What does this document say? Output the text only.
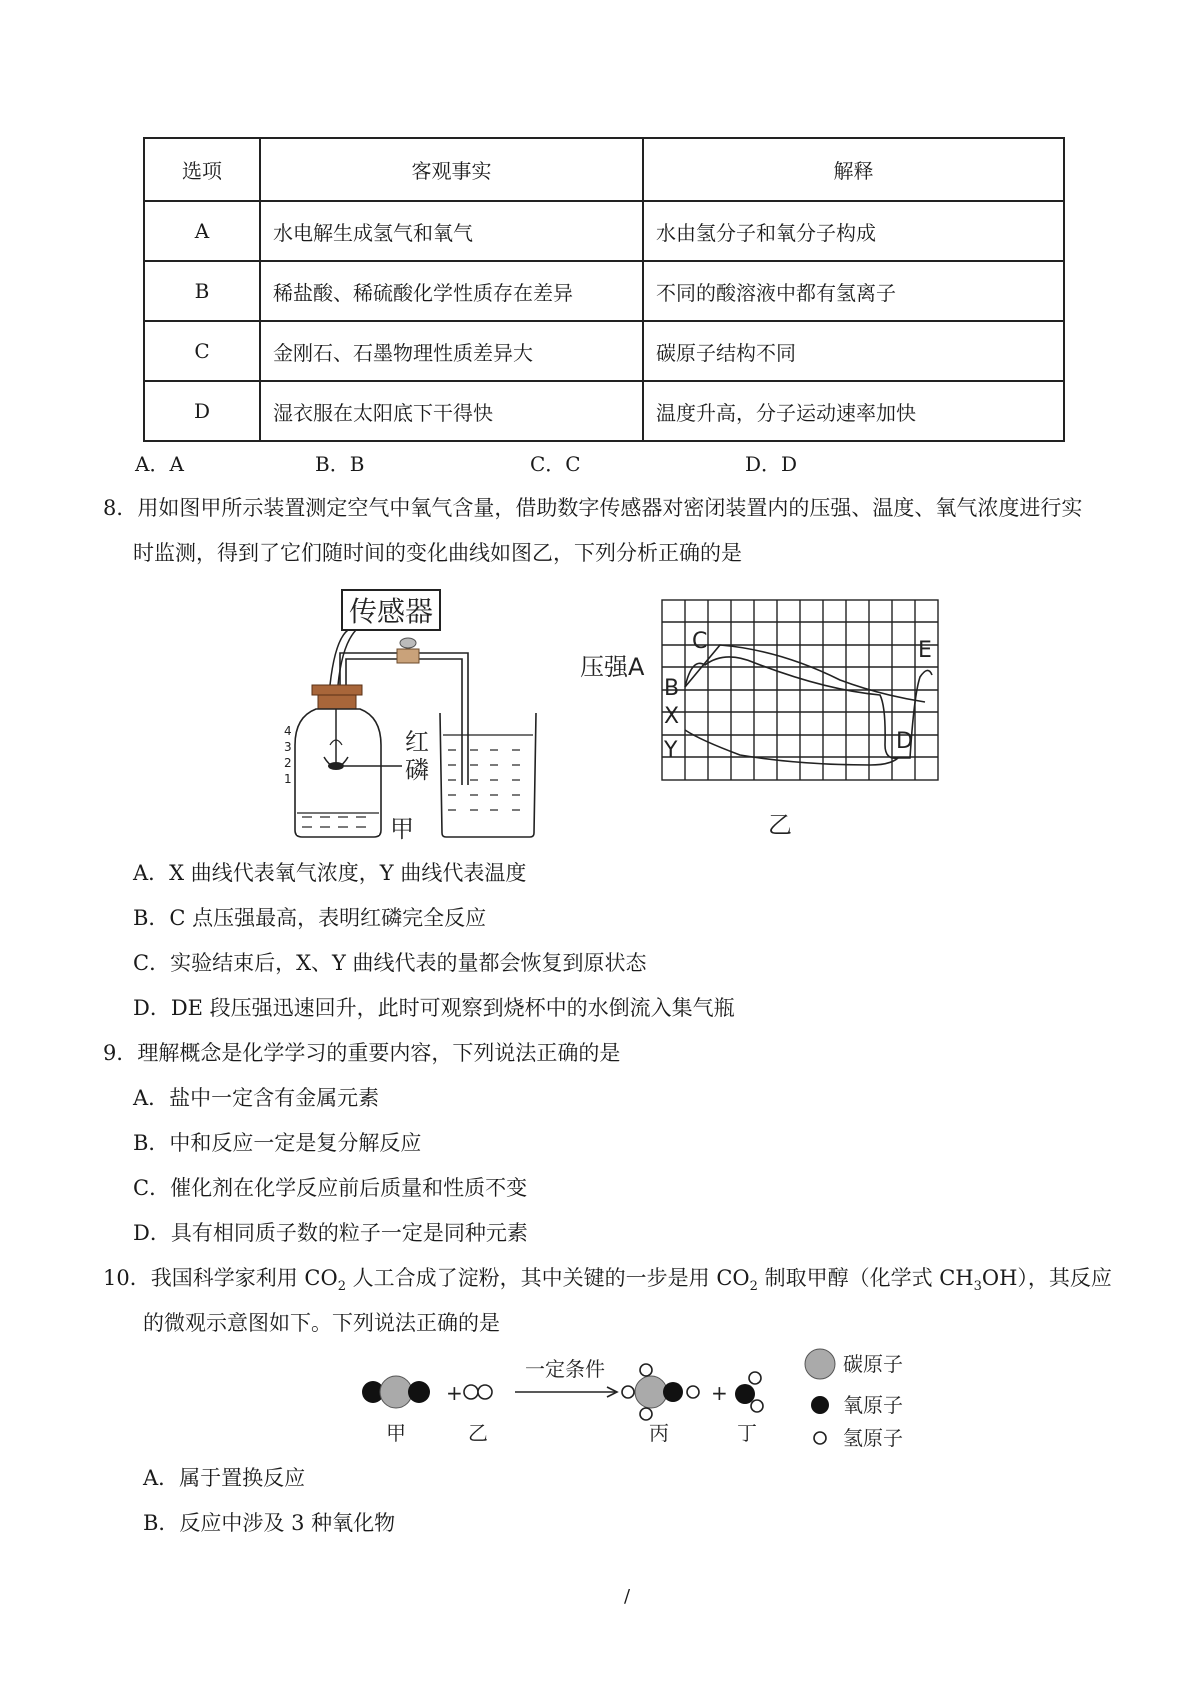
选项	客观事实	解释
A	水电解生成氢气和氧气	水由氢分子和氧分子构成
B	稀盐酸、稀硫酸化学性质存在差异	不同的酸溶液中都有氢离子
C	金刚石、石墨物理性质差异大	碳原子结构不同
D	湿衣服在太阳底下干得快	温度升高，分子运动速率加快
A．A	B．B	C．C	D．D
8．用如图甲所示装置测定空气中氧气含量，借助数字传感器对密闭装置内的压强、温度、氧气浓度进行实
时监测，得到了它们随时间的变化曲线如图乙，下列分析正确的是
传感器
4
3
2
1
红
磷
甲
压强A
C
B
X
Y
E
D
乙
A．X 曲线代表氧气浓度，Y 曲线代表温度
B．C 点压强最高，表明红磷完全反应
C．实验结束后，X、Y 曲线代表的量都会恢复到原状态
D．DE 段压强迅速回升，此时可观察到烧杯中的水倒流入集气瓶
9．理解概念是化学学习的重要内容，下列说法正确的是
A．盐中一定含有金属元素
B．中和反应一定是复分解反应
C．催化剂在化学反应前后质量和性质不变
D．具有相同质子数的粒子一定是同种元素
10．我国科学家利用 $CO_2$ 人工合成了淀粉，其中关键的一步是用 $CO_2$ 制取甲醇（化学式 $CH_3OH$），其反应
的微观示意图如下。下列说法正确的是
+
一定条件
+
甲	乙	丙	丁
碳原子
氧原子
氢原子
A．属于置换反应
B．反应中涉及 3 种氧化物
/
